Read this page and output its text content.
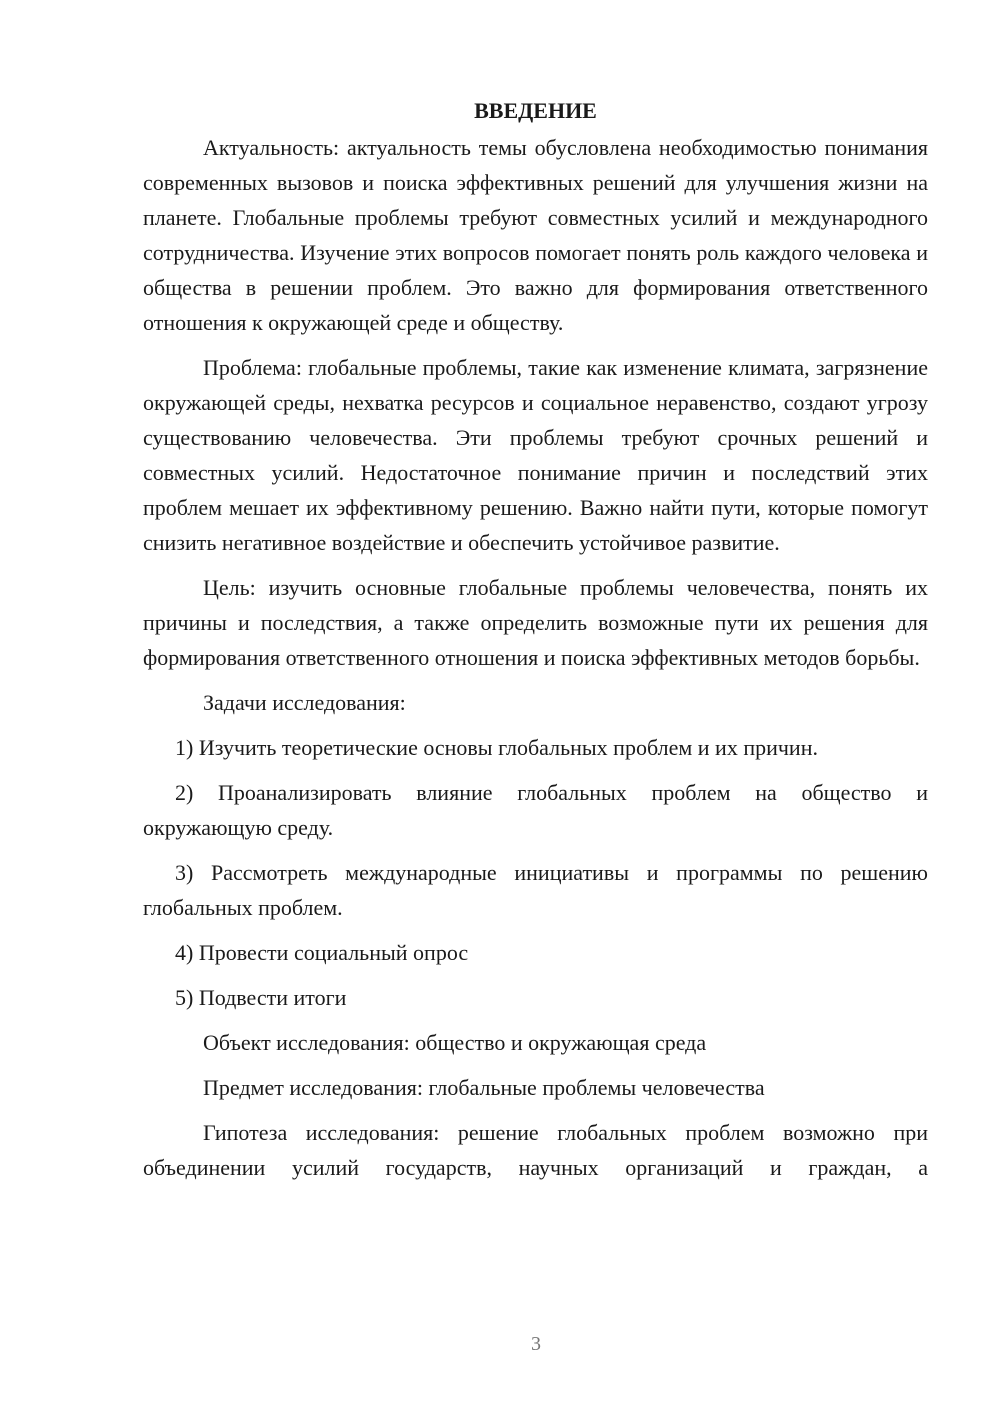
ВВЕДЕНИЕ

Актуальность: актуальность темы обусловлена необходимостью понимания современных вызовов и поиска эффективных решений для улучшения жизни на планете. Глобальные проблемы требуют совместных усилий и международного сотрудничества. Изучение этих вопросов помогает понять роль каждого человека и общества в решении проблем. Это важно для формирования ответственного отношения к окружающей среде и обществу.

Проблема: глобальные проблемы, такие как изменение климата, загрязнение окружающей среды, нехватка ресурсов и социальное неравенство, создают угрозу существованию человечества. Эти проблемы требуют срочных решений и совместных усилий. Недостаточное понимание причин и последствий этих проблем мешает их эффективному решению. Важно найти пути, которые помогут снизить негативное воздействие и обеспечить устойчивое развитие.

Цель: изучить основные глобальные проблемы человечества, понять их причины и последствия, а также определить возможные пути их решения для формирования ответственного отношения и поиска эффективных методов борьбы.

Задачи исследования:

1) Изучить теоретические основы глобальных проблем и их причин.

2) Проанализировать влияние глобальных проблем на общество и окружающую среду.

3) Рассмотреть международные инициативы и программы по решению глобальных проблем.

4) Провести социальный опрос

5) Подвести итоги

Объект исследования: общество и окружающая среда

Предмет исследования: глобальные проблемы человечества

Гипотеза исследования: решение глобальных проблем возможно при объединении усилий государств, научных организаций и граждан, а

3
